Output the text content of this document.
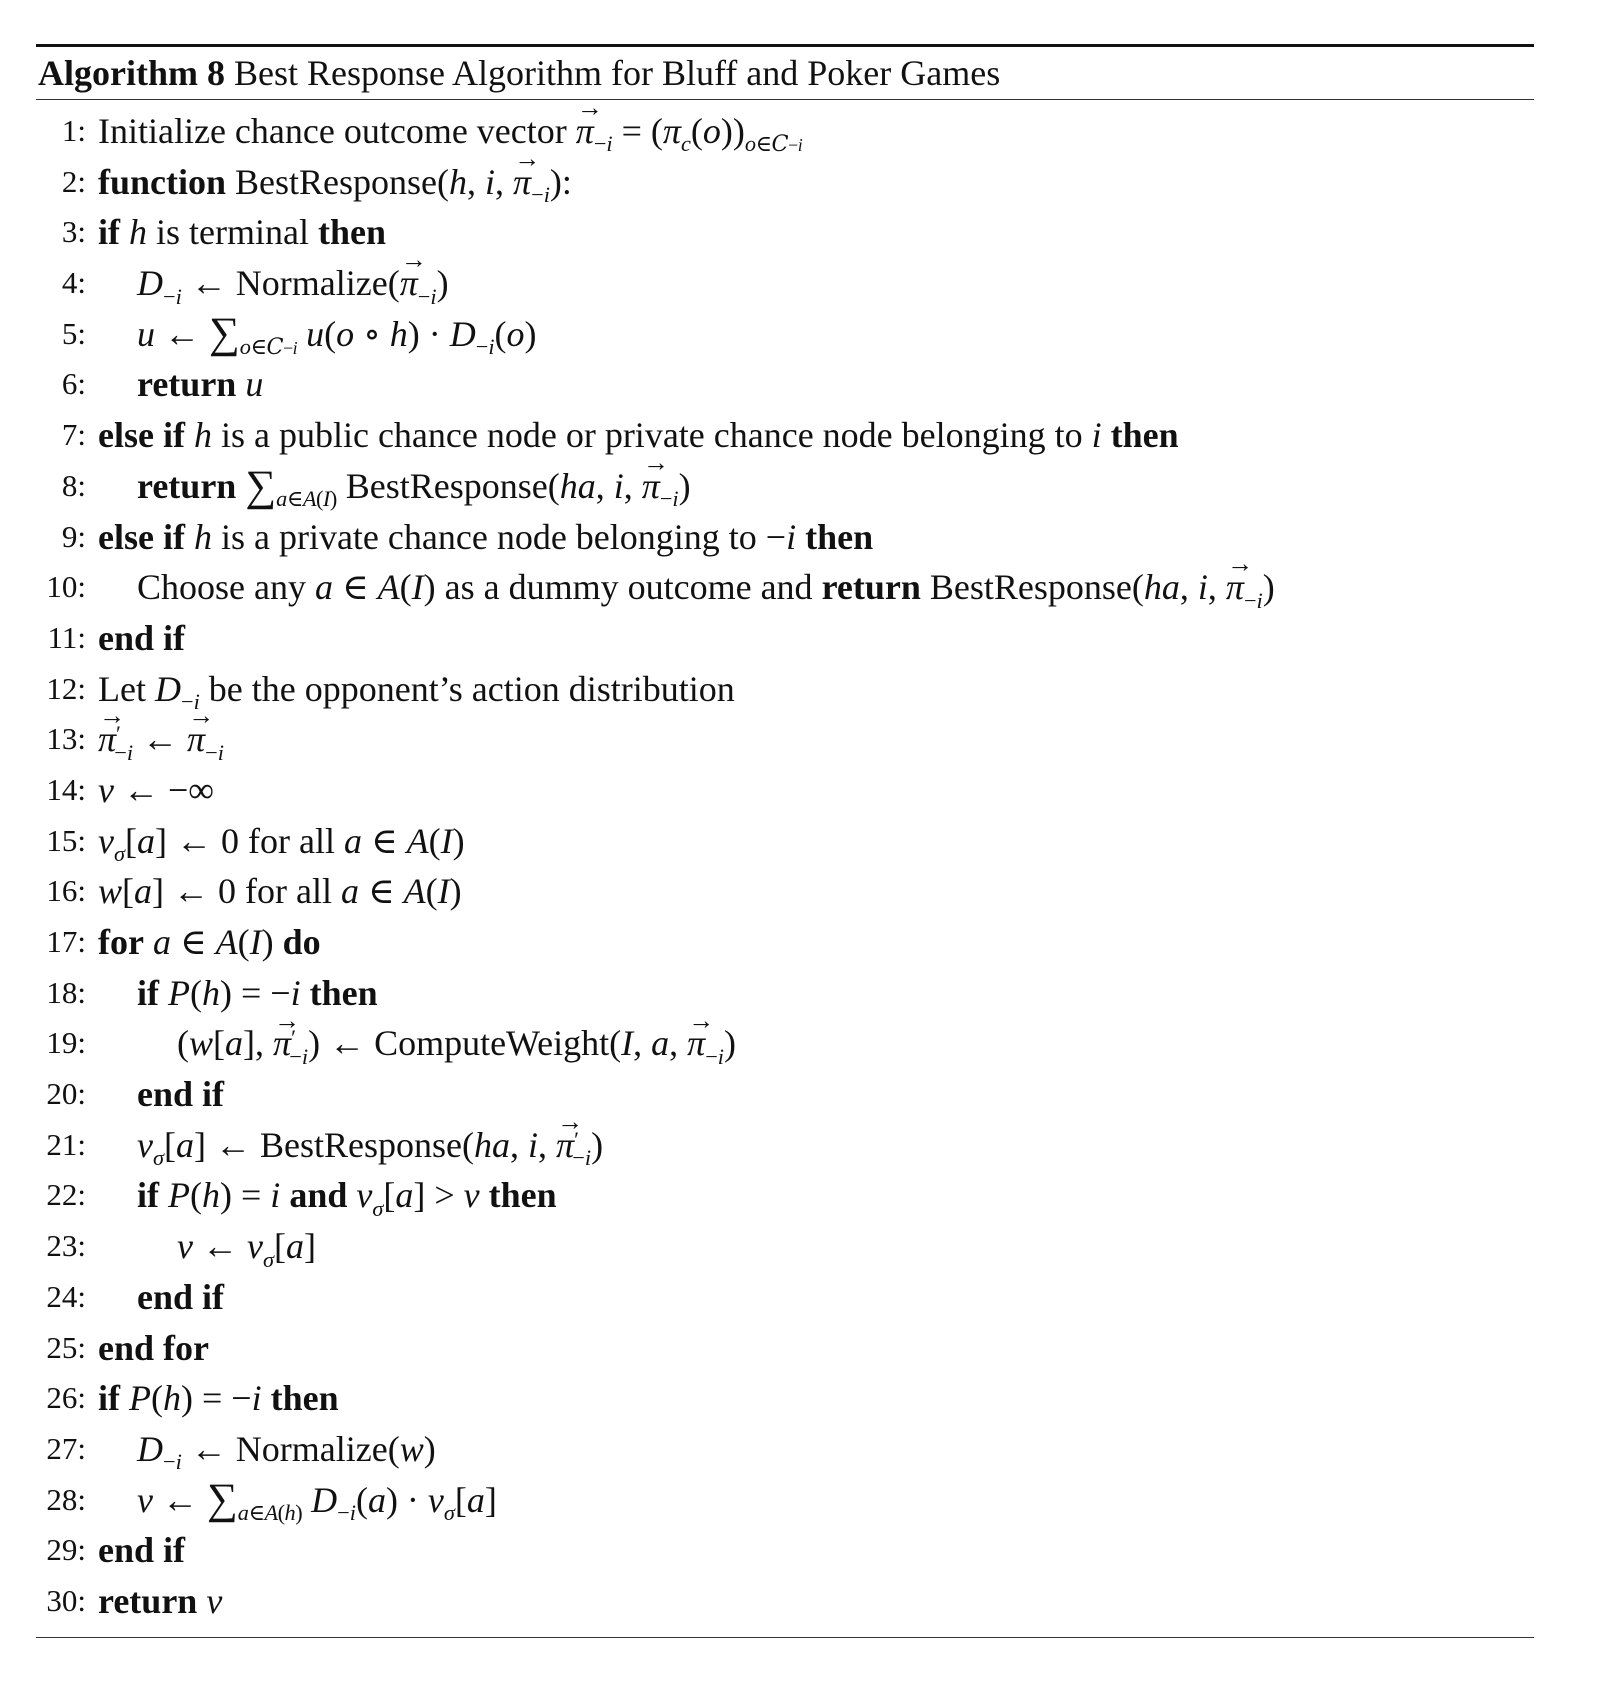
Algorithm 8 Best Response Algorithm for Bluff and Poker Games
1: Initialize chance outcome vector → $\pi_{-i} = (\pi_c(o))_{o\in C-i}$
2: function BestResponse(h, i, → $\pi_{-i}$):
3: if h is terminal then
4: $D_{-i}$ ← Normalize(→ $\pi_{-i}$)
5: u ← $\sum_{o\in C-i}$ u(o ∘ $h) \cdot D_{-i}(o)$
6: return u
7: else if h is a public chance node or private chance node belonging to i then
8: return $\sum_{a\in A(I)}$ BestResponse(ha, i, → $\pi_{-i}$)
9: else if h is a private chance node belonging to −i then
10: Choose any a ∈ A(I) as a dummy outcome and return BestResponse(ha, i, → $\pi_{-i}$)
11: end if
12: Let $D_{-i}$ be the opponent’s action distribution
13: → $\pi'_{-i}$ ← → $\pi_{-i}$
14: v ← −∞
15: $v_\sigma[a]$ ← 0 for all a ∈ A(I)
16: w[a] ← 0 for all a ∈ A(I)
17: for a ∈ A(I) do
18: if P(h) = −i then
19:	(w[a], → $\pi'_{-i}$) ← ComputeWeight(I, a, → $\pi_{-i}$)
20: end if
21: $v_\sigma[a]$ ← BestResponse(ha, i, → $\pi'_{-i}$)
22: if P(h) = i and $v_\sigma[a] > v$ then
23:	v ← $v_\sigma[a]$
24: end if
25: end for
26: if P(h) = −i then
27: $D_{-i}$ ← Normalize(w)
28: v ← $\sum_{a\in A(h)}$ $D_{-i}(a) \cdot v_\sigma[a]$
29: end if
30: return v
